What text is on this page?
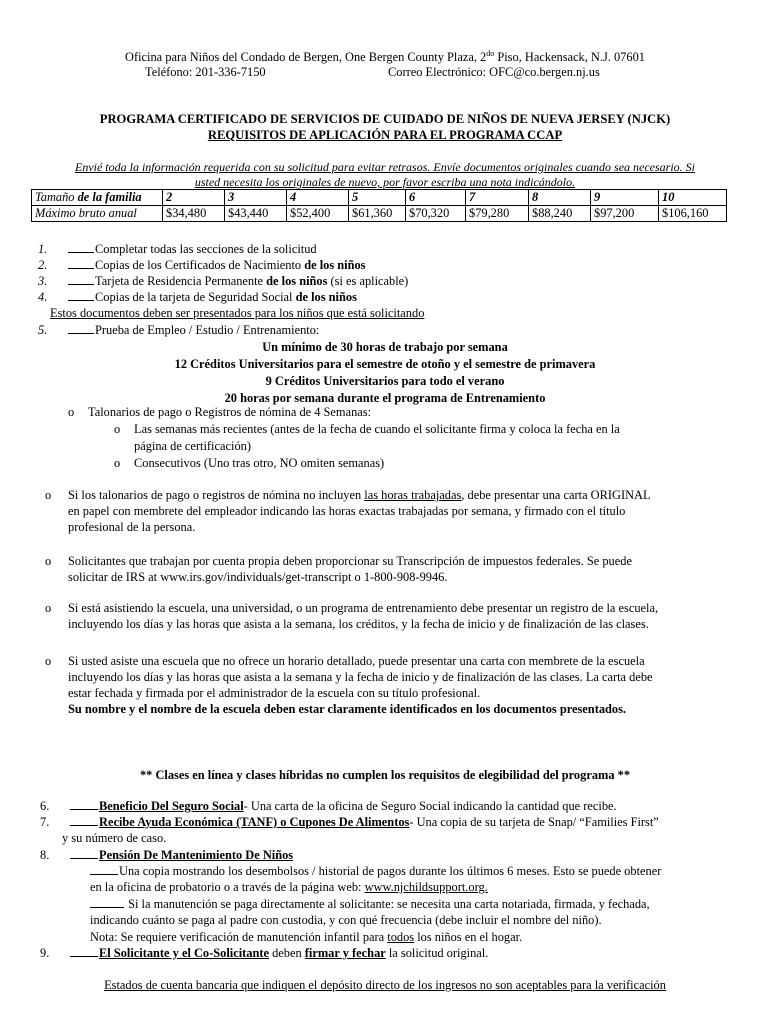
Oficina para Niños del Condado de Bergen, One Bergen County Plaza, $2^{do}$ Piso, Hackensack, N.J. 07601
Teléfono: 201-336-7150	Correo Electrónico: OFC@co.bergen.nj.us
PROGRAMA CERTIFICADO DE SERVICIOS DE CUIDADO DE NIÑOS DE NUEVA JERSEY (NJCK)
REQUISITOS DE APLICACIÓN PARA EL PROGRAMA CCAP
Envié toda la información requerida con su solicitud para evitar retrasos. Envíe documentos originales cuando sea necesario. Si
usted necesita los originales de nuevo, por favor escriba una nota indicándolo.
Tamaño de la familia	2	3	4	5	6	7	8	9	10
Máximo bruto anual	$34,480	$43,440	$52,400	$61,360	$70,320	$79,280	$88,240	$97,200	$106,160
1.	Completar todas las secciones de la solicitud
2.	Copias de los Certificados de Nacimiento de los niños
3.	Tarjeta de Residencia Permanente de los niños (si es aplicable)
4.	Copias de la tarjeta de Seguridad Social de los niños
Estos documentos deben ser presentados para los niños que está solicitando
5.	Prueba de Empleo / Estudio / Entrenamiento:
Un mínimo de 30 horas de trabajo por semana
12 Créditos Universitarios para el semestre de otoño y el semestre de primavera
9 Créditos Universitarios para todo el verano
20 horas por semana durante el programa de Entrenamiento
o Talonarios de pago o Registros de nómina de 4 Semanas:
o Las semanas más recientes (antes de la fecha de cuando el solicitante firma y coloca la fecha en la
página de certificación)
o Consecutivos (Uno tras otro, NO omiten semanas)
o Si los talonarios de pago o registros de nómina no incluyen las horas trabajadas, debe presentar una carta ORIGINAL
en papel con membrete del empleador indicando las horas exactas trabajadas por semana, y firmado con el título
profesional de la persona.
o Solicitantes que trabajan por cuenta propia deben proporcionar su Transcripción de impuestos federales. Se puede
solicitar de IRS at www.irs.gov/individuals/get-transcript o 1-800-908-9946.
o Si está asistiendo la escuela, una universidad, o un programa de entrenamiento debe presentar un registro de la escuela,
incluyendo los días y las horas que asista a la semana, los créditos, y la fecha de inicio y de finalización de las clases.
o Si usted asiste una escuela que no ofrece un horario detallado, puede presentar una carta con membrete de la escuela
incluyendo los días y las horas que asista a la semana y la fecha de inicio y de finalización de las clases. La carta debe
estar fechada y firmada por el administrador de la escuela con su título profesional.
Su nombre y el nombre de la escuela deben estar claramente identificados en los documentos presentados.
** Clases en línea y clases híbridas no cumplen los requisitos de elegibilidad del programa **
6.	Beneficio Del Seguro Social- Una carta de la oficina de Seguro Social indicando la cantidad que recibe.
7.	Recibe Ayuda Económica (TANF) o Cupones De Alimentos- Una copia de su tarjeta de Snap/ “Families First”
y su número de caso.
8.	Pensión De Mantenimiento De Niños
Una copia mostrando los desembolsos / historial de pagos durante los últimos 6 meses. Esto se puede obtener
en la oficina de probatorio o a través de la página web: www.njchildsupport.org.
Si la manutención se paga directamente al solicitante: se necesita una carta notariada, firmada, y fechada,
indicando cuánto se paga al padre con custodia, y con qué frecuencia (debe incluir el nombre del niño).
Nota: Se requiere verificación de manutención infantil para todos los niños en el hogar.
9.	El Solicitante y el Co-Solicitante deben firmar y fechar la solicitud original.
Estados de cuenta bancaria que indiquen el depósito directo de los ingresos no son aceptables para la verificación
